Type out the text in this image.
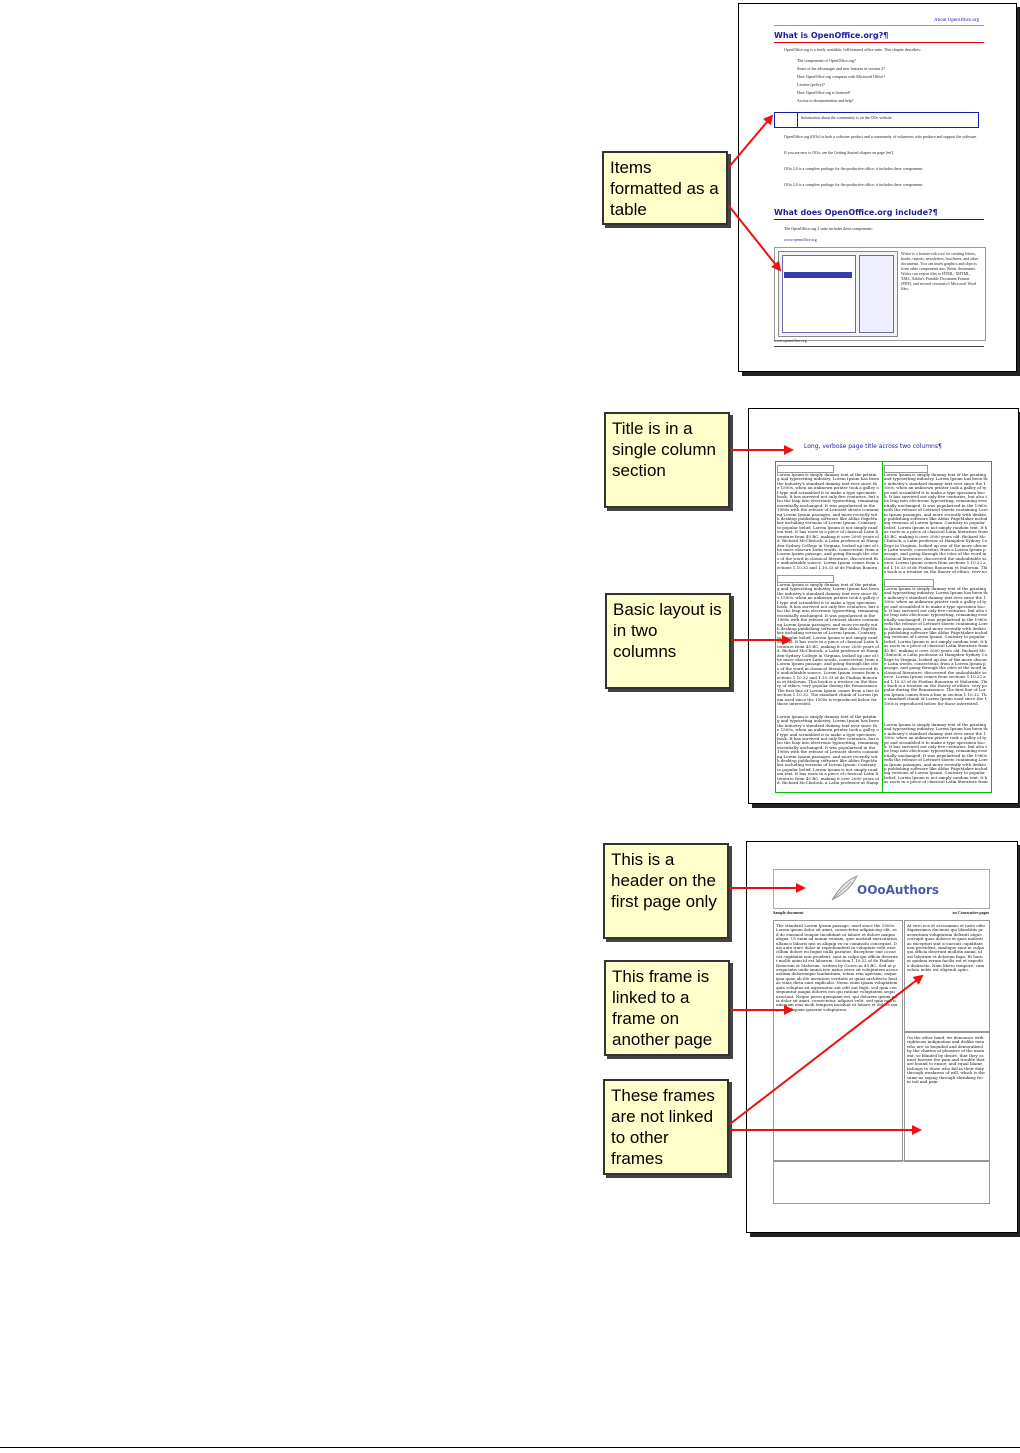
About OpenOffice.org
What is OpenOffice.org?¶
OpenOffice.org is a freely available, full-featured office suite. This chapter describes:
The components of OpenOffice.org?
Some of the advantages and new features in version 2?
How OpenOffice.org compares with Microsoft Office?
License (policy)?
How OpenOffice.org is licensed?
Access to documentation and help?
Information about the community is on the OOo website.
OpenOffice.org (OOo) is both a software product and a community of volunteers who produce and support the software.
If you are new to OOo, see the Getting Started chapter on page [ref].
OOo 2.0 is a complete package for the productive office; it includes these components:
OOo 2.0 is a complete package for the productive office; it includes these components:
What does OpenOffice.org include?¶
The OpenOffice.org 2 suite includes these components:
www.openoffice.org
Writer is a feature-rich tool for creating letters, books, reports, newsletters, brochures, and other documents. You can insert graphics and objects from other components into Writer documents. Writer can export files to HTML, XHTML, XML, Adobe's Portable Document Format (PDF), and several versions of Microsoft Word files.
www.openoffice.org
Long, verbose page title across two columns¶
Lorem Ipsum is simply dummy text of the printing and typesetting industry. Lorem Ipsum has been the industry's standard dummy text ever since the 1500s, when an unknown printer took a galley of type and scrambled it to make a type specimen book. It has survived not only five centuries, but also the leap into electronic typesetting, remaining essentially unchanged. It was popularised in the 1960s with the release of Letraset sheets containing Lorem Ipsum passages, and more recently with desktop publishing software like Aldus PageMaker including versions of Lorem Ipsum. Contrary to popular belief, Lorem Ipsum is not simply random text. It has roots in a piece of classical Latin literature from 45 BC, making it over 2000 years old. Richard McClintock, a Latin professor at Hampden-Sydney College in Virginia, looked up one of the more obscure Latin words, consectetur, from a Lorem Ipsum passage, and going through the cites of the word in classical literature, discovered the undoubtable source. Lorem Ipsum comes from sections 1.10.32 and 1.10.33 of de Finibus Bonoru
Lorem Ipsum is simply dummy text of the printing and typesetting industry. Lorem Ipsum has been the industry's standard dummy text ever since the 1500s, when an unknown printer took a galley of type and scrambled it to make a type specimen book. It has survived not only five centuries, but also the leap into electronic typesetting, remaining essentially unchanged. It was popularised in the 1960s with the release of Letraset sheets containing Lorem Ipsum passages, and more recently with desktop publishing software like Aldus PageMaker including versions of Lorem Ipsum. Contrary to popular belief, Lorem Ipsum is not simply random text. It has roots in a piece of classical Latin literature from 45 BC, making it over 2000 years old. Richard McClintock, a Latin professor at Hampden-Sydney College in Virginia, looked up one of the more obscure Latin words, consectetur, from a Lorem Ipsum passage, and going through the cites of the word in classical literature, discovered the undoubtable source. Lorem Ipsum comes from sections 1.10.32 and 1.10.33 of de Finibus Bonorum et Malorum. This book is a treatise on the theory of ethics, very po
Lorem Ipsum is simply dummy text of the printing and typesetting industry. Lorem Ipsum has been the industry's standard dummy text ever since the 1500s, when an unknown printer took a galley of type and scrambled it to make a type specimen book. It has survived not only five centuries, but also the leap into electronic typesetting, remaining essentially unchanged. It was popularised in the 1960s with the release of Letraset sheets containing Lorem Ipsum passages, and more recently with desktop publishing software like Aldus PageMaker including versions of Lorem Ipsum. Contrary to popular belief, Lorem Ipsum is not simply random text. It has roots in a piece of classical Latin literature from 45 BC, making it over 2000 years old. Richard McClintock, a Latin professor at Hampden-Sydney College in Virginia, looked up one of the more obscure Latin words, consectetur, from a Lorem Ipsum passage, and going through the cites of the word in classical literature, discovered the undoubtable source. Lorem Ipsum comes from sections 1.10.32 and 1.10.33 of de Finibus Bonorum et Malorum. This book is a treatise on the theory of ethics, very popular during the Renaissance. The first line of Lorem Ipsum comes from a line in section 1.10.32. The standard chunk of Lorem Ipsum used since the 1500s is reproduced below for those interested.
Lorem Ipsum is simply dummy text of the printing and typesetting industry. Lorem Ipsum has been the industry's standard dummy text ever since the 1500s, when an unknown printer took a galley of type and scrambled it to make a type specimen book. It has survived not only five centuries, but also the leap into electronic typesetting, remaining essentially unchanged. It was popularised in the 1960s with the release of Letraset sheets containing Lorem Ipsum passages, and more recently with desktop publishing software like Aldus PageMaker including versions of Lorem Ipsum. Contrary to popular belief, Lorem Ipsum is not simply random text. It has roots in a piece of classical Latin literature from 45 BC, making it over 2000 years old. Richard McClintock, a Latin professor at Hampden-Sydney College in Virginia, looked up one of the more obscure Latin words, consectetur, from a Lorem Ipsum passage, and going through the cites of the word in classical literature, discovered the undoubtable source. Lorem Ipsum comes from sections 1.10.32 and 1.10.33 of de Finibus Bonorum et Malorum. This book is a treatise on the theory of ethics, very popular during the Renaissance. The first line of Lorem Ipsum comes from a line in section 1.10.32. The standard chunk of Lorem Ipsum used since the 1500s is reproduced below for those interested.
Lorem Ipsum is simply dummy text of the printing and typesetting industry. Lorem Ipsum has been the industry's standard dummy text ever since the 1500s, when an unknown printer took a galley of type and scrambled it to make a type specimen book. It has survived not only five centuries, but also the leap into electronic typesetting, remaining essentially unchanged. It was popularised in the 1960s with the release of Letraset sheets containing Lorem Ipsum passages, and more recently with desktop publishing software like Aldus PageMaker including versions of Lorem Ipsum. Contrary to popular belief, Lorem Ipsum is not simply random text. It has roots in a piece of classical Latin literature from 45 BC, making it over 2000 years old. Richard McClintock, a Latin professor at Hamp
Lorem Ipsum is simply dummy text of the printing and typesetting industry. Lorem Ipsum has been the industry's standard dummy text ever since the 1500s, when an unknown printer took a galley of type and scrambled it to make a type specimen book. It has survived not only five centuries, but also the leap into electronic typesetting, remaining essentially unchanged. It was popularised in the 1960s with the release of Letraset sheets containing Lorem Ipsum passages, and more recently with desktop publishing software like Aldus PageMaker including versions of Lorem Ipsum. Contrary to popular belief, Lorem Ipsum is not simply random text. It has roots in a piece of classical Latin literature from
OOoAuthors
Sample document	on Consecutive pages
The standard Lorem Ipsum passage, used since the 1500s. Lorem ipsum dolor sit amet, consectetur adipisicing elit, sed do eiusmod tempor incididunt ut labore et dolore magna aliqua. Ut enim ad minim veniam, quis nostrud exercitation ullamco laboris nisi ut aliquip ex ea commodo consequat. Duis aute irure dolor in reprehenderit in voluptate velit esse cillum dolore eu fugiat nulla pariatur. Excepteur sint occaecat cupidatat non proident, sunt in culpa qui officia deserunt mollit anim id est laborum. Section 1.10.32 of de Finibus Bonorum et Malorum, written by Cicero in 45 BC. Sed ut perspiciatis unde omnis iste natus error sit voluptatem accusantium doloremque laudantium, totam rem aperiam, eaque ipsa quae ab illo inventore veritatis et quasi architecto beatae vitae dicta sunt explicabo. Nemo enim ipsam voluptatem quia voluptas sit aspernatur aut odit aut fugit, sed quia consequuntur magni dolores eos qui ratione voluptatem sequi nesciunt. Neque porro quisquam est, qui dolorem ipsum quia dolor sit amet, consectetur, adipisci velit, sed quia non numquam eius modi tempora incidunt ut labore et dolore magnam aliquam quaerat voluptatem.
At vero eos et accusamus et iusto odio dignissimos ducimus qui blanditiis praesentium voluptatum deleniti atque corrupti quos dolores et quas molestias excepturi sint occaecati cupiditate non provident, similique sunt in culpa qui officia deserunt mollitia animi, id est laborum et dolorum fuga. Et harum quidem rerum facilis est et expedita distinctio. Nam libero tempore, cum soluta nobis est eligendi optio.
On the other hand, we denounce with righteous indignation and dislike men who are so beguiled and demoralized by the charms of pleasure of the moment, so blinded by desire, that they cannot foresee the pain and trouble that are bound to ensue; and equal blame belongs to those who fail in their duty through weakness of will, which is the same as saying through shrinking from toil and pain.
Items formatted as a table
Title is in a single column section
Basic layout is in two columns
This is a header on the first page only
This frame is linked to a frame on another page
These frames are not linked to other frames
